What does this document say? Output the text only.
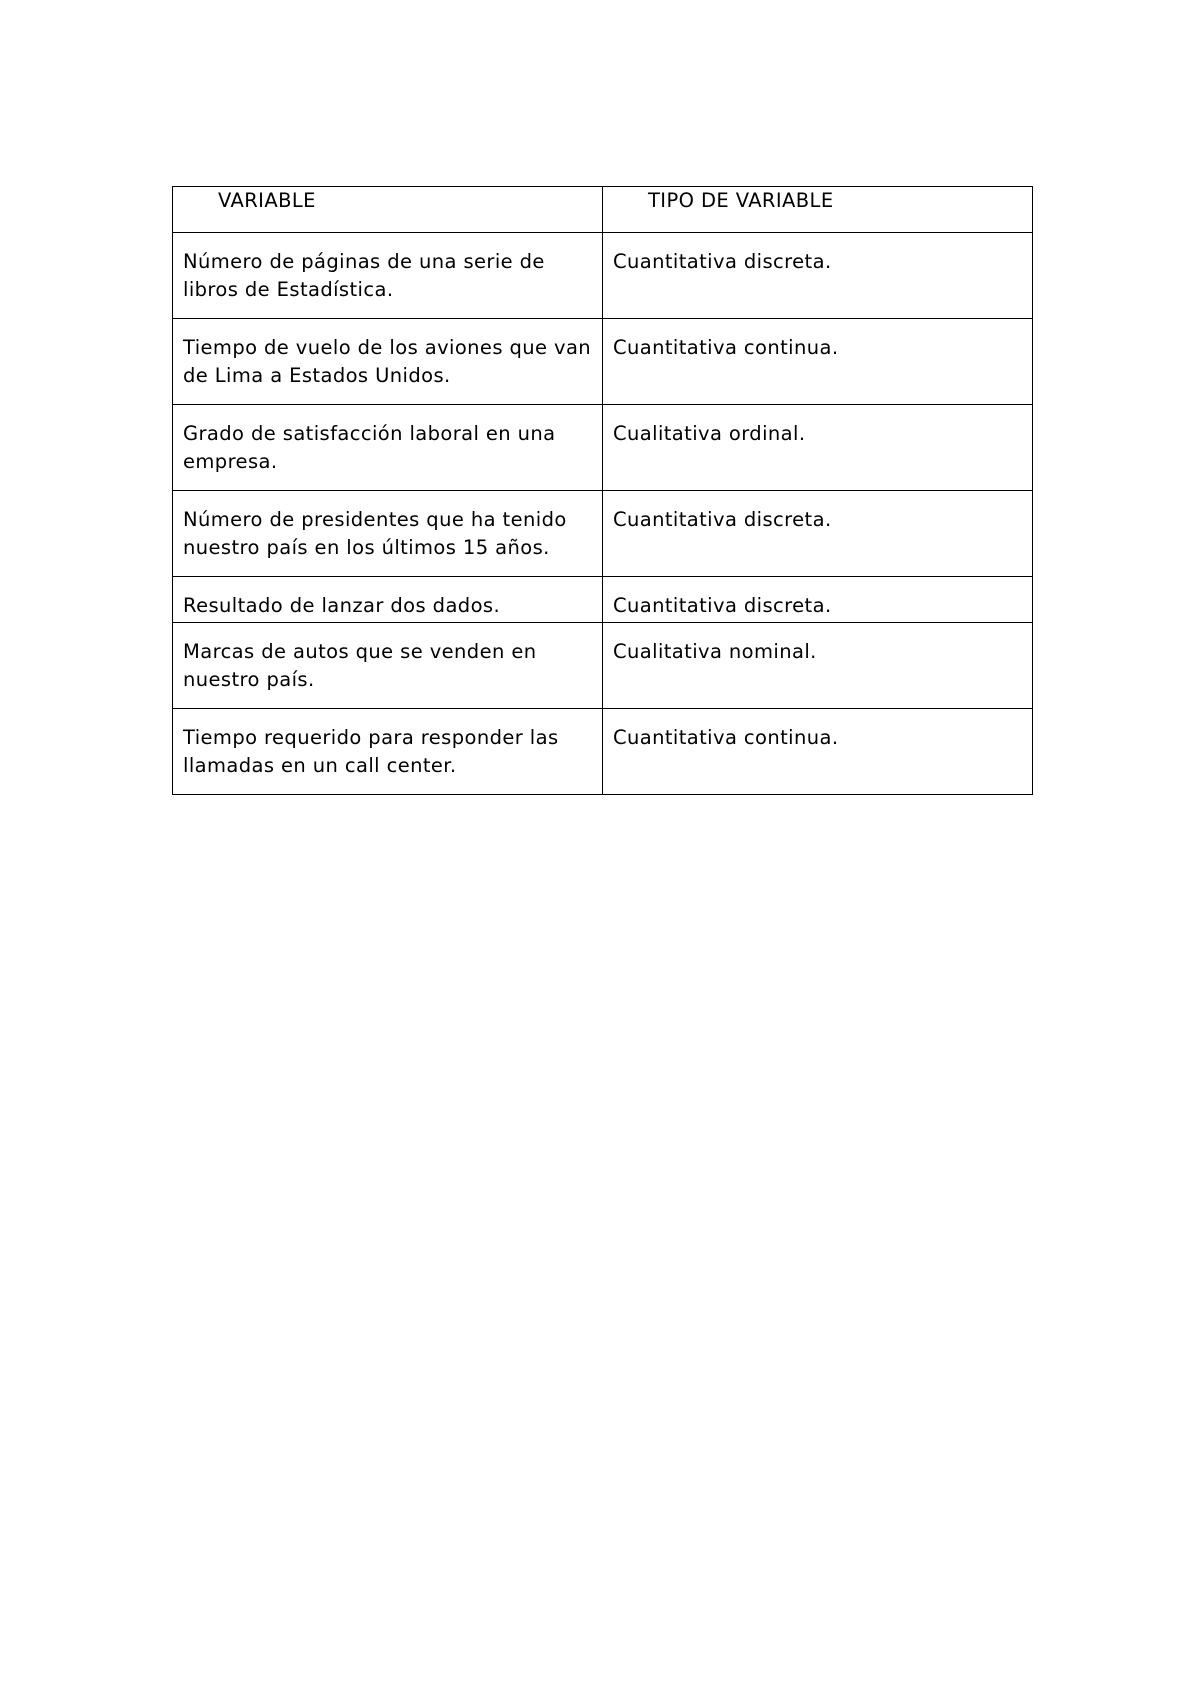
VARIABLE	TIPO DE VARIABLE
Número de páginas de una serie de libros de Estadística.	Cuantitativa discreta.
Tiempo de vuelo de los aviones que van de Lima a Estados Unidos.	Cuantitativa continua.
Grado de satisfacción laboral en una empresa.	Cualitativa ordinal.
Número de presidentes que ha tenido nuestro país en los últimos 15 años.	Cuantitativa discreta.
Resultado de lanzar dos dados.	Cuantitativa discreta.
Marcas de autos que se venden en nuestro país.	Cualitativa nominal.
Tiempo requerido para responder las llamadas en un call center.	Cuantitativa continua.
